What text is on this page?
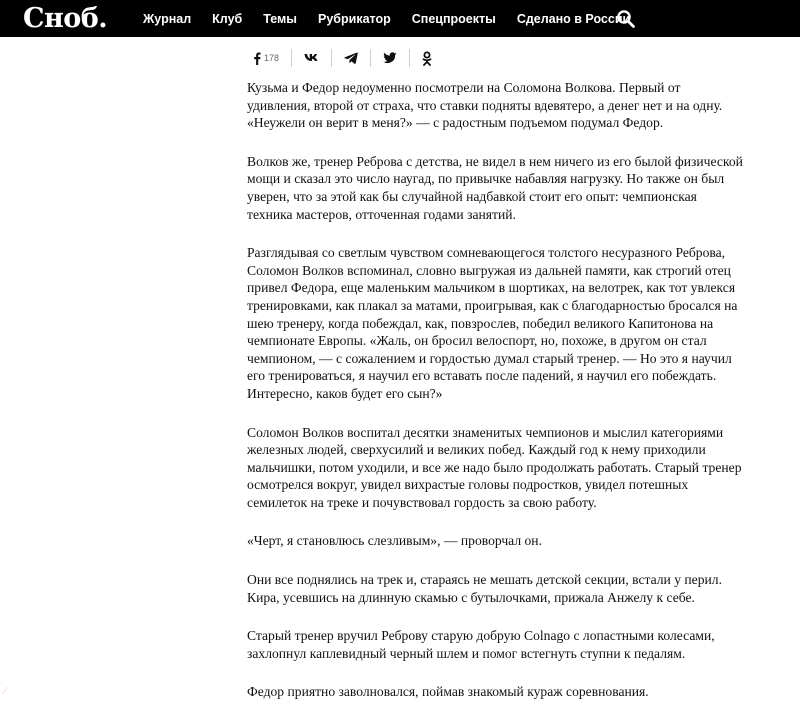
Сноб.	Журнал Клуб Темы Рубрикатор Спецпроекты Сделано в России
178

Кузьма и Федор недоуменно посмотрели на Соломона Волкова. Первый от удивления, второй от страха, что ставки подняты вдевятеро, а денег нет и на одну. «Неужели он верит в меня?» — с радостным подъемом подумал Федор.

Волков же, тренер Реброва с детства, не видел в нем ничего из его былой физической мощи и сказал это число наугад, по привычке набавляя нагрузку. Но также он был уверен, что за этой как бы случайной надбавкой стоит его опыт: чемпионская техника мастеров, отточенная годами занятий.

Разглядывая со светлым чувством сомневающегося толстого несуразного Реброва, Соломон Волков вспоминал, словно выгружая из дальней памяти, как строгий отец привел Федора, еще маленьким мальчиком в шортиках, на велотрек, как тот увлекся тренировками, как плакал за матами, проигрывая, как с благодарностью бросался на шею тренеру, когда побеждал, как, повзрослев, победил великого Капитонова на чемпионате Европы. «Жаль, он бросил велоспорт, но, похоже, в другом он стал чемпионом, — с сожалением и гордостью думал старый тренер. — Но это я научил его тренироваться, я научил его вставать после падений, я научил его побеждать. Интересно, каков будет его сын?»

Соломон Волков воспитал десятки знаменитых чемпионов и мыслил категориями железных людей, сверхусилий и великих побед. Каждый год к нему приходили мальчишки, потом уходили, и все же надо было продолжать работать. Старый тренер осмотрелся вокруг, увидел вихрастые головы подростков, увидел потешных семилеток на треке и почувствовал гордость за свою работу.

«Черт, я становлюсь слезливым», — проворчал он.

Они все поднялись на трек и, стараясь не мешать детской секции, встали у перил. Кира, усевшись на длинную скамью с бутылочками, прижала Анжелу к себе.

Старый тренер вручил Реброву старую добрую Colnago с лопастными колесами, захлопнул каплевидный черный шлем и помог встегнуть ступни к педалям.

Федор приятно заволновался, поймав знакомый кураж соревнования.

⁄
